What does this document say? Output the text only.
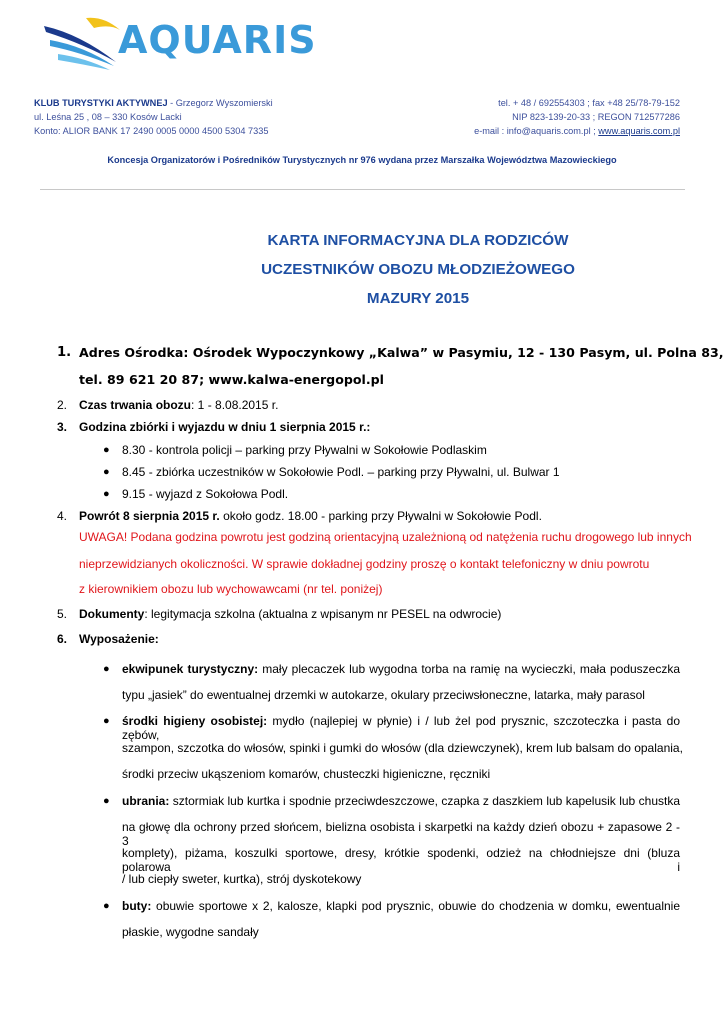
AQUARIS
KLUB TURYSTYKI AKTYWNEJ - Grzegorz Wyszomierski
ul. Leśna 25 , 08 – 330 Kosów Lacki
Konto: ALIOR BANK 17 2490 0005 0000 4500 5304 7335
tel. + 48 / 692554303 ; fax +48 25/78-79-152
NIP 823-139-20-33 ; REGON 712577286
e-mail : info@aquaris.com.pl ; www.aquaris.com.pl
Koncesja Organizatorów i Pośredników Turystycznych nr 976 wydana przez Marszałka Województwa Mazowieckiego
KARTA INFORMACYJNA DLA RODZICÓW
UCZESTNIKÓW OBOZU MŁODZIEŻOWEGO
MAZURY 2015
1. Adres Ośrodka: Ośrodek Wypoczynkowy „Kalwa” w Pasymiu, 12 - 130 Pasym, ul. Polna 83,
tel. 89 621 20 87; www.kalwa-energopol.pl
2. Czas trwania obozu: 1 - 8.08.2015 r.
3. Godzina zbiórki i wyjazdu w dniu 1 sierpnia 2015 r.:
● 8.30 - kontrola policji – parking przy Pływalni w Sokołowie Podlaskim
● 8.45 - zbiórka uczestników w Sokołowie Podl. – parking przy Pływalni, ul. Bulwar 1
● 9.15 - wyjazd z Sokołowa Podl.
4. Powrót 8 sierpnia 2015 r. około godz. 18.00 - parking przy Pływalni w Sokołowie Podl.
UWAGA! Podana godzina powrotu jest godziną orientacyjną uzależnioną od natężenia ruchu drogowego lub innych
nieprzewidzianych okoliczności. W sprawie dokładnej godziny proszę o kontakt telefoniczny w dniu powrotu
z kierownikiem obozu lub wychowawcami (nr tel. poniżej)
5. Dokumenty: legitymacja szkolna (aktualna z wpisanym nr PESEL na odwrocie)
6. Wyposażenie:
● ekwipunek turystyczny: mały plecaczek lub wygodna torba na ramię na wycieczki, mała poduszeczka
typu „jasiek” do ewentualnej drzemki w autokarze, okulary przeciwsłoneczne, latarka, mały parasol
● środki higieny osobistej: mydło (najlepiej w płynie) i / lub żel pod prysznic, szczoteczka i pasta do zębów,
szampon, szczotka do włosów, spinki i gumki do włosów (dla dziewczynek), krem lub balsam do opalania,
środki przeciw ukąszeniom komarów, chusteczki higieniczne, ręczniki
● ubrania: sztormiak lub kurtka i spodnie przeciwdeszczowe, czapka z daszkiem lub kapelusik lub chustka
na głowę dla ochrony przed słońcem, bielizna osobista i skarpetki na każdy dzień obozu + zapasowe 2 - 3
komplety), piżama, koszulki sportowe, dresy, krótkie spodenki, odzież na chłodniejsze dni (bluza polarowa i
/ lub ciepły sweter, kurtka), strój dyskotekowy
● buty: obuwie sportowe x 2, kalosze, klapki pod prysznic, obuwie do chodzenia w domku, ewentualnie
płaskie, wygodne sandały
